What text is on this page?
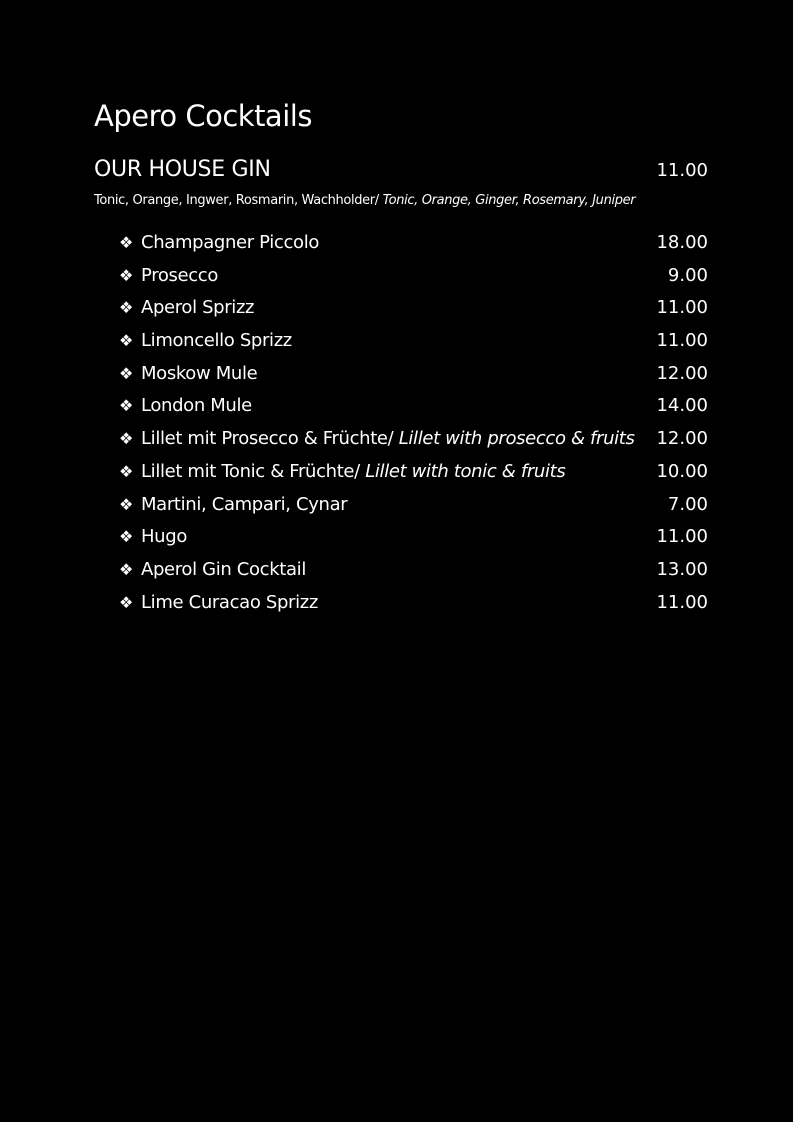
Apero Cocktails
OUR HOUSE GIN	11.00
Tonic, Orange, Ingwer, Rosmarin, Wachholder/ Tonic, Orange, Ginger, Rosemary, Juniper
❖ Champagner Piccolo	18.00
❖ Prosecco	9.00
❖ Aperol Sprizz	11.00
❖ Limoncello Sprizz	11.00
❖ Moskow Mule	12.00
❖ London Mule	14.00
❖ Lillet mit Prosecco & Früchte/ Lillet with prosecco & fruits 12.00
❖ Lillet mit Tonic & Früchte/ Lillet with tonic & fruits	10.00
❖ Martini, Campari, Cynar	7.00
❖ Hugo	11.00
❖ Aperol Gin Cocktail	13.00
❖ Lime Curacao Sprizz	11.00
